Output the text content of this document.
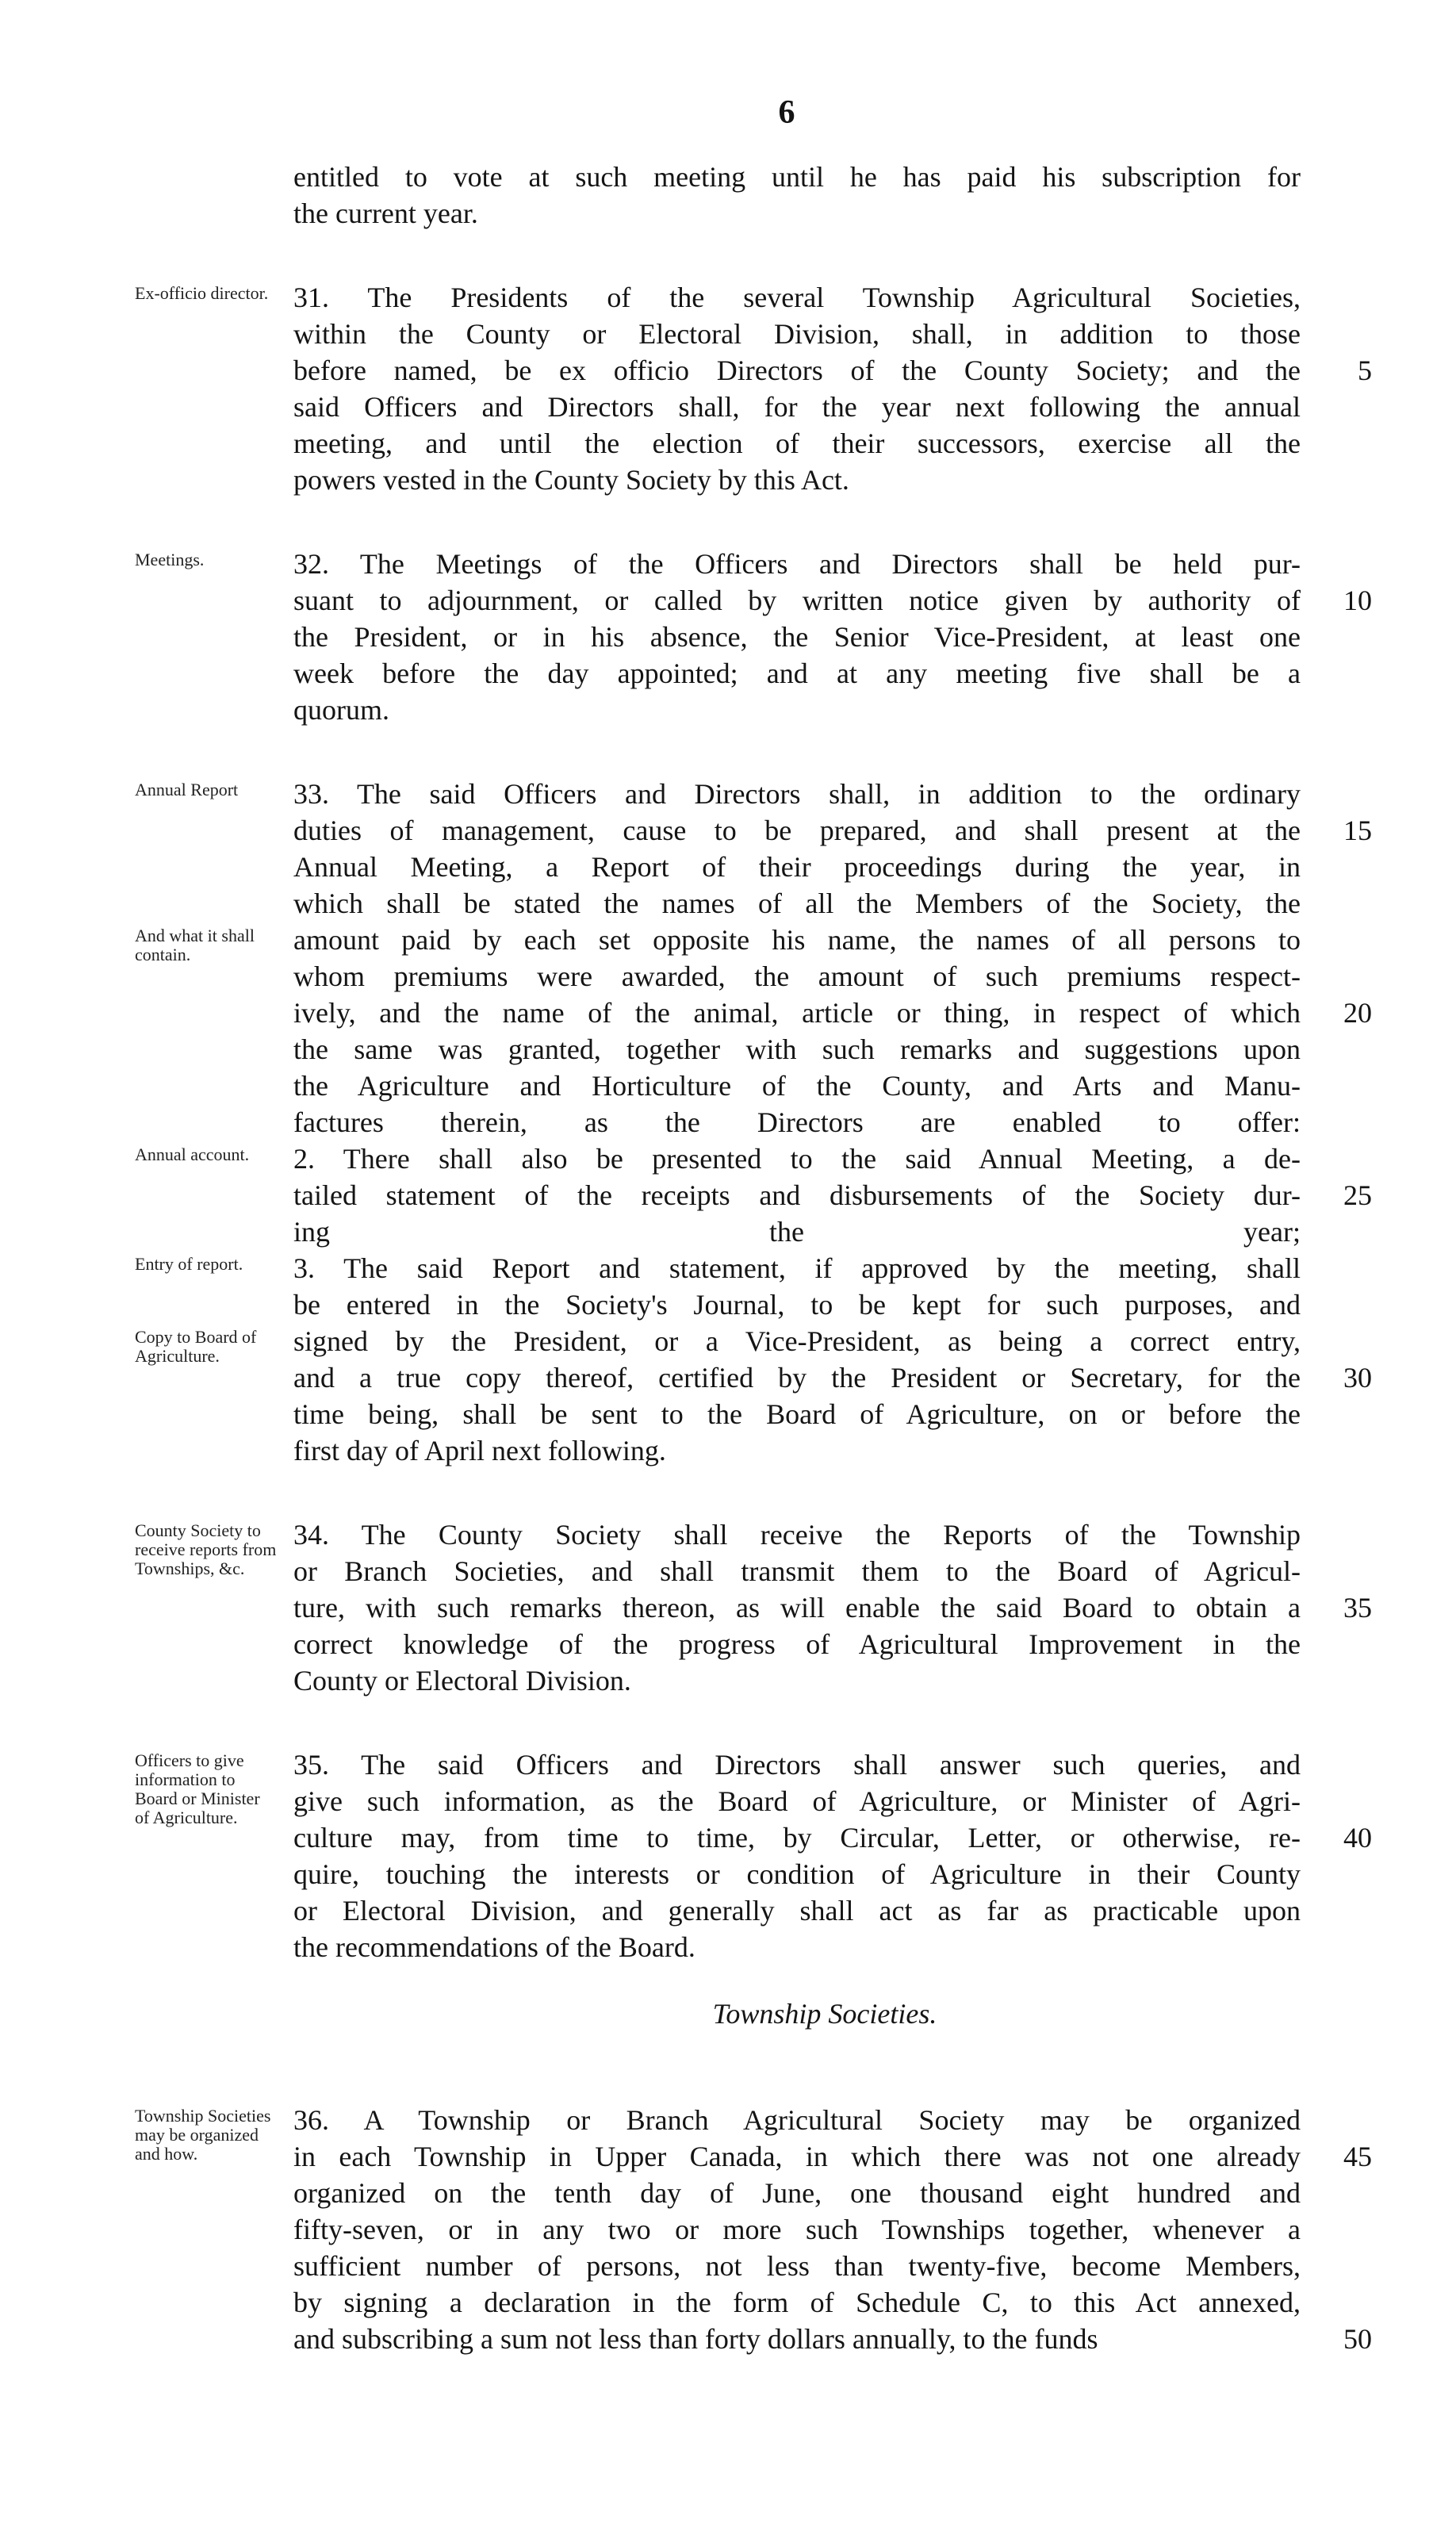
6
entitled to vote at such meeting until he has paid his subscription for
the current year.
Ex-officio director. 31. The Presidents of the several Township Agricultural Societies,
within the County or Electoral Division, shall, in addition to those
before named, be ex officio Directors of the County Society; and the	5
said Officers and Directors shall, for the year next following the annual
meeting, and until the election of their successors, exercise all the
powers vested in the County Society by this Act.
Meetings.	32. The Meetings of the Officers and Directors shall be held pur-
suant to adjournment, or called by written notice given by authority of	10
the President, or in his absence, the Senior Vice-President, at least one
week before the day appointed; and at any meeting five shall be a
quorum.
Annual Report
And what it shall contain.
Annual account.
Entry of report.
Copy to Board of Agriculture.
33. The said Officers and Directors shall, in addition to the ordinary
duties of management, cause to be prepared, and shall present at the	15
Annual Meeting, a Report of their proceedings during the year, in
which shall be stated the names of all the Members of the Society, the
amount paid by each set opposite his name, the names of all persons to
whom premiums were awarded, the amount of such premiums respect-
ively, and the name of the animal, article or thing, in respect of which	20
the same was granted, together with such remarks and suggestions upon
the Agriculture and Horticulture of the County, and Arts and Manu-
factures therein, as the Directors are enabled to offer:
2. There shall also be presented to the said Annual Meeting, a de-
tailed statement of the receipts and disbursements of the Society dur-	25
ing the year;
3. The said Report and statement, if approved by the meeting, shall
be entered in the Society's Journal, to be kept for such purposes, and
signed by the President, or a Vice-President, as being a correct entry,
and a true copy thereof, certified by the President or Secretary, for the	30
time being, shall be sent to the Board of Agriculture, on or before the
first day of April next following.
County Society to receive reports from Townships, &c.
34. The County Society shall receive the Reports of the Township
or Branch Societies, and shall transmit them to the Board of Agricul-
ture, with such remarks thereon, as will enable the said Board to obtain a	35
correct knowledge of the progress of Agricultural Improvement in the
County or Electoral Division.
Officers to give information to Board or Minister of Agriculture.
35. The said Officers and Directors shall answer such queries, and
give such information, as the Board of Agriculture, or Minister of Agri-
culture may, from time to time, by Circular, Letter, or otherwise, re-	40
quire, touching the interests or condition of Agriculture in their County
or Electoral Division, and generally shall act as far as practicable upon
the recommendations of the Board.
Township Societies.
Township Societies may be organized and how.
36. A Township or Branch Agricultural Society may be organized
in each Township in Upper Canada, in which there was not one already	45
organized on the tenth day of June, one thousand eight hundred and
fifty-seven, or in any two or more such Townships together, whenever a
sufficient number of persons, not less than twenty-five, become Members,
by signing a declaration in the form of Schedule C, to this Act annexed,
and subscribing a sum not less than forty dollars annually, to the funds	50
